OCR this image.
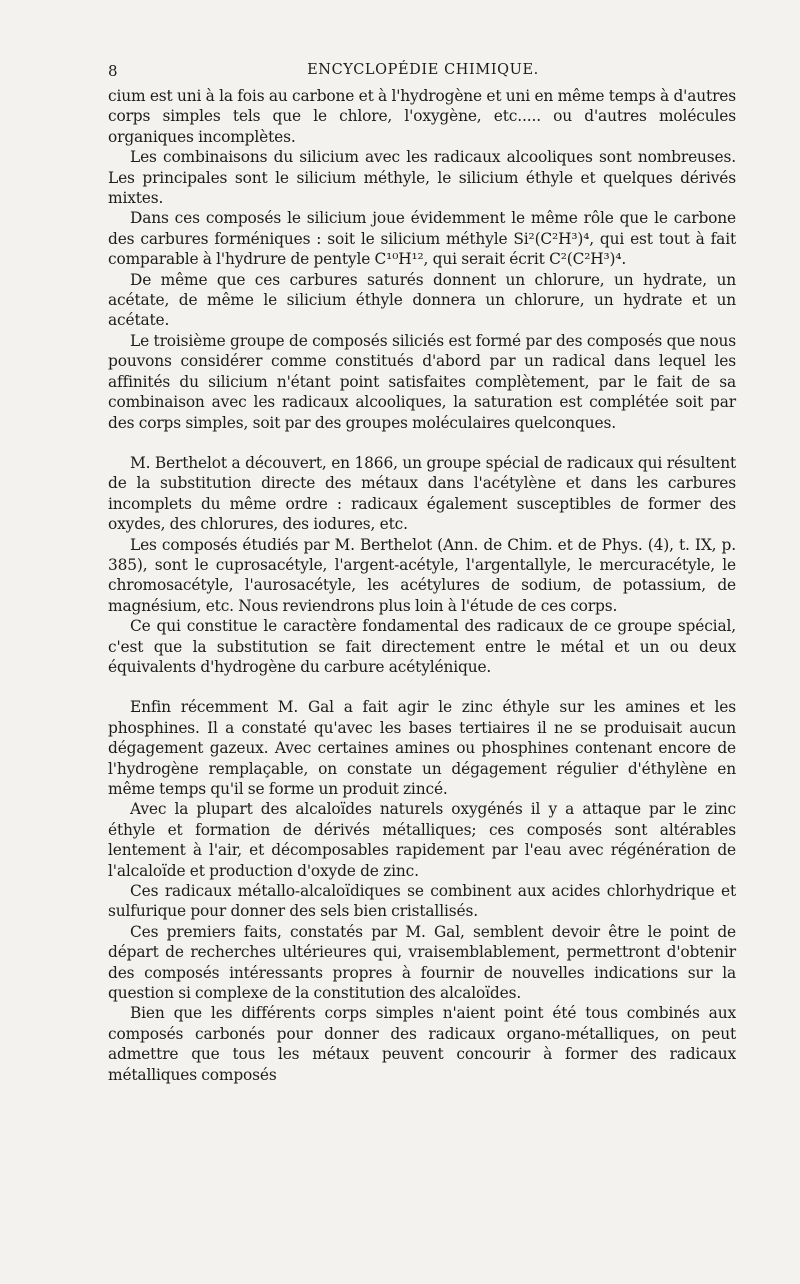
8	ENCYCLOPÉDIE CHIMIQUE.

cium est uni à la fois au carbone et à l'hydrogène et uni en même temps à d'autres corps simples tels que le chlore, l'oxygène, etc..... ou d'autres molécules organiques incomplètes.

Les combinaisons du silicium avec les radicaux alcooliques sont nombreuses. Les principales sont le silicium méthyle, le silicium éthyle et quelques dérivés mixtes.

Dans ces composés le silicium joue évidemment le même rôle que le carbone des carbures forméniques : soit le silicium méthyle Si²(C²H³)⁴, qui est tout à fait comparable à l'hydrure de pentyle C¹⁰H¹², qui serait écrit C²(C²H³)⁴.

De même que ces carbures saturés donnent un chlorure, un hydrate, un acétate, de même le silicium éthyle donnera un chlorure, un hydrate et un acétate.

Le troisième groupe de composés siliciés est formé par des composés que nous pouvons considérer comme constitués d'abord par un radical dans lequel les affinités du silicium n'étant point satisfaites complètement, par le fait de sa combinaison avec les radicaux alcooliques, la saturation est complétée soit par des corps simples, soit par des groupes moléculaires quelconques.

M. Berthelot a découvert, en 1866, un groupe spécial de radicaux qui résultent de la substitution directe des métaux dans l'acétylène et dans les carbures incomplets du même ordre : radicaux également susceptibles de former des oxydes, des chlorures, des iodures, etc.

Les composés étudiés par M. Berthelot (Ann. de Chim. et de Phys. (4), t. IX, p. 385), sont le cuprosacétyle, l'argent-acétyle, l'argentallyle, le mercuracétyle, le chromosacétyle, l'aurosacétyle, les acétylures de sodium, de potassium, de magnésium, etc. Nous reviendrons plus loin à l'étude de ces corps.

Ce qui constitue le caractère fondamental des radicaux de ce groupe spécial, c'est que la substitution se fait directement entre le métal et un ou deux équivalents d'hydrogène du carbure acétylénique.

Enfin récemment M. Gal a fait agir le zinc éthyle sur les amines et les phosphines. Il a constaté qu'avec les bases tertiaires il ne se produisait aucun dégagement gazeux. Avec certaines amines ou phosphines contenant encore de l'hydrogène remplaçable, on constate un dégagement régulier d'éthylène en même temps qu'il se forme un produit zincé.

Avec la plupart des alcaloïdes naturels oxygénés il y a attaque par le zinc éthyle et formation de dérivés métalliques; ces composés sont altérables lentement à l'air, et décomposables rapidement par l'eau avec régénération de l'alcaloïde et production d'oxyde de zinc.

Ces radicaux métallo-alcaloïdiques se combinent aux acides chlorhydrique et sulfurique pour donner des sels bien cristallisés.

Ces premiers faits, constatés par M. Gal, semblent devoir être le point de départ de recherches ultérieures qui, vraisemblablement, permettront d'obtenir des composés intéressants propres à fournir de nouvelles indications sur la question si complexe de la constitution des alcaloïdes.

Bien que les différents corps simples n'aient point été tous combinés aux composés carbonés pour donner des radicaux organo-métalliques, on peut admettre que tous les métaux peuvent concourir à former des radicaux métalliques composés
